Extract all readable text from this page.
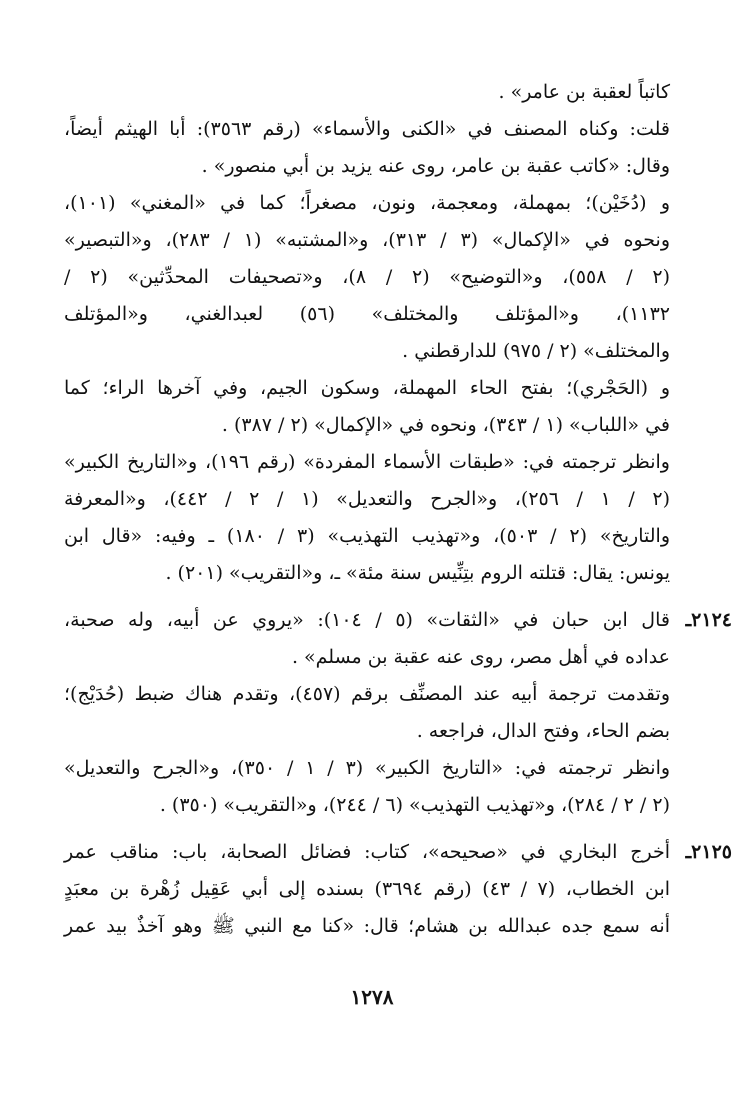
كاتباً لعقبة بن عامر» .
قلت: وكناه المصنف في «الكنى والأسماء» (رقم ٣٥٦٣): أبا الهيثم أيضاً،
وقال: «كاتب عقبة بن عامر، روى عنه يزيد بن أبي منصور» .
و (دُخَيْن)؛ بمهملة، ومعجمة، ونون، مصغراً؛ كما في «المغني» (١٠١)،
ونحوه في «الإكمال» (٣ / ٣١٣)، و«المشتبه» (١ / ٢٨٣)، و«التبصير»
(٢ / ٥٥٨)، و«التوضيح» (٢ / ٨)، و«تصحيفات المحدِّثين» (٢ /
١١٣٢)، و«المؤتلف والمختلف» (٥٦) لعبدالغني، و«المؤتلف
والمختلف» (٢ / ٩٧٥) للدارقطني .
و (الحَجْري)؛ بفتح الحاء المهملة، وسكون الجيم، وفي آخرها الراء؛ كما
في «اللباب» (١ / ٣٤٣)، ونحوه في «الإكمال» (٢ / ٣٨٧) .
وانظر ترجمته في: «طبقات الأسماء المفردة» (رقم ١٩٦)، و«التاريخ الكبير»
(٢ / ١ / ٢٥٦)، و«الجرح والتعديل» (١ / ٢ / ٤٤٢)، و«المعرفة
والتاريخ» (٢ / ٥٠٣)، و«تهذيب التهذيب» (٣ / ١٨٠) ـ وفيه: «قال ابن
يونس: يقال: قتلته الروم بتِنِّيس سنة مئة» ـ، و«التقريب» (٢٠١) .
٢١٢٤ـ
قال ابن حبان في «الثقات» (٥ / ١٠٤): «يروي عن أبيه، وله صحبة،
عداده في أهل مصر، روى عنه عقبة بن مسلم» .
وتقدمت ترجمة أبيه عند المصنِّف برقم (٤٥٧)، وتقدم هناك ضبط (حُدَيْج)؛
بضم الحاء، وفتح الدال، فراجعه .
وانظر ترجمته في: «التاريخ الكبير» (٣ / ١ / ٣٥٠)، و«الجرح والتعديل»
(٢ / ٢ / ٢٨٤)، و«تهذيب التهذيب» (٦ / ٢٤٤)، و«التقريب» (٣٥٠) .
٢١٢٥ـ
أخرج البخاري في «صحيحه»، كتاب: فضائل الصحابة، باب: مناقب عمر
ابن الخطاب، (٧ / ٤٣) (رقم ٣٦٩٤) بسنده إلى أبي عَقِيل زُهْرة بن معبَدٍ
أنه سمع جده عبدالله بن هشام؛ قال: «كنا مع النبي ﷺ وهو آخذٌ بيد عمر
١٢٧٨
